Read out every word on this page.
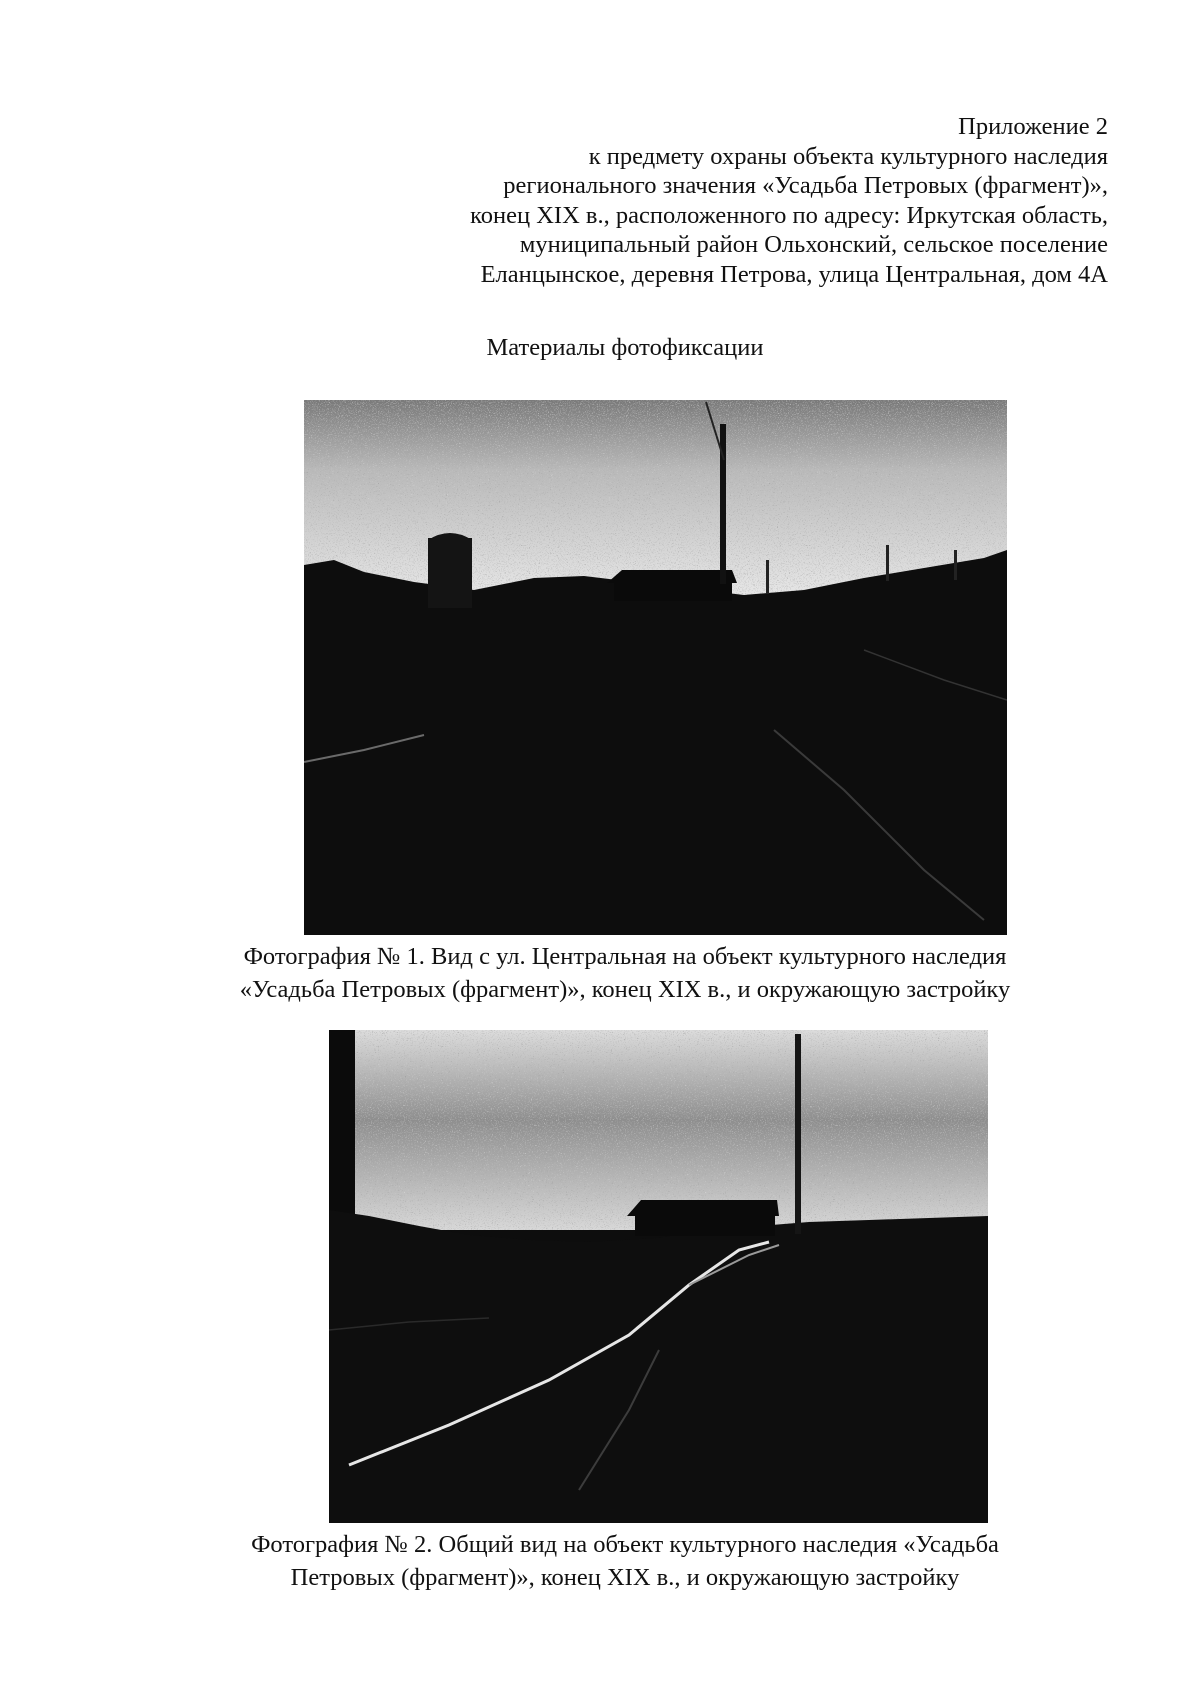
Приложение 2
к предмету охраны объекта культурного наследия
регионального значения «Усадьба Петровых (фрагмент)»,
конец XIX в., расположенного по адресу: Иркутская область,
муниципальный район Ольхонский, сельское поселение
Еланцынское, деревня Петрова, улица Центральная, дом 4А
Материалы фотофиксации
Фотография № 1. Вид с ул. Центральная на объект культурного наследия
«Усадьба Петровых (фрагмент)», конец XIX в., и окружающую застройку
Фотография № 2. Общий вид на объект культурного наследия «Усадьба
Петровых (фрагмент)», конец XIX в., и окружающую застройку
